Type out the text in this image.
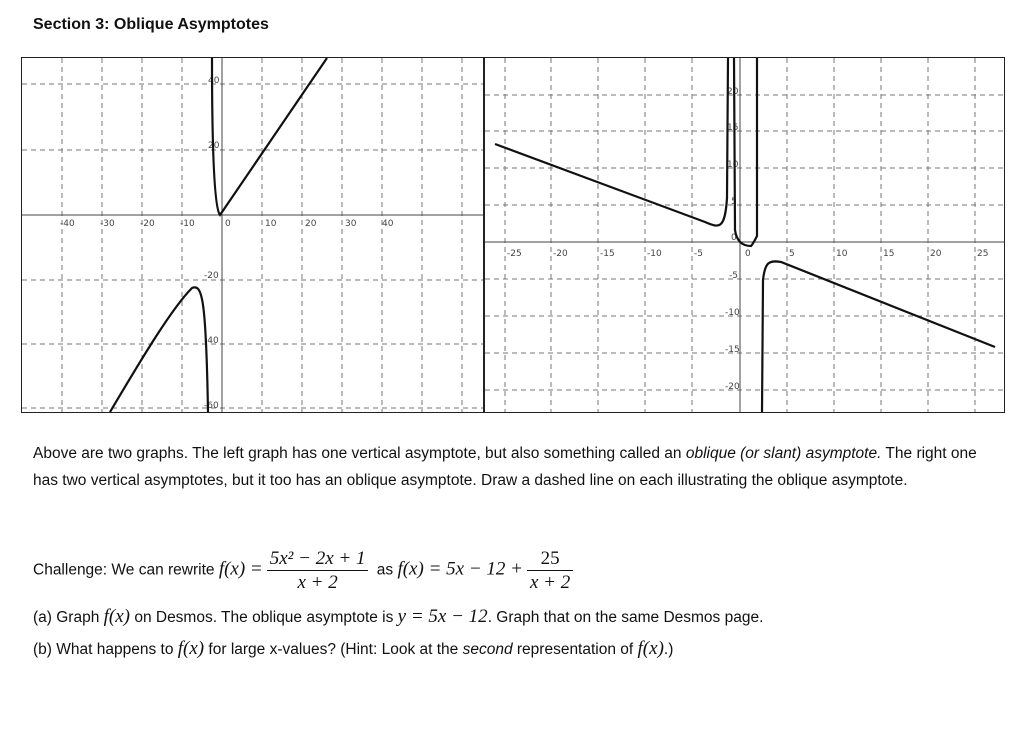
Section 3: Oblique Asymptotes
-40	-30	-20	-10	0	10	20	30	40
40
20
-20
-40
-60
-25	-20	-15	-10	-5	0	5	10	15	20	25
20
15
10
5
0
-5
-10
-15
-20

Above are two graphs. The left graph has one vertical asymptote, but also something called an oblique (or slant) asymptote. The right one has two vertical asymptotes, but it too has an oblique asymptote. Draw a dashed line on each illustrating the oblique asymptote.

Challenge: We can rewrite $f(x) = \frac{\text{5x² − 2x + 1}}{x + 2}$ as $f(x) = 5x - 12 + \frac{25}{x + 2}$
(a) Graph f(x) on Desmos. The oblique asymptote is y = 5x − 12. Graph that on the same Desmos page.
(b) What happens to f(x) for large x-values? (Hint: Look at the second representation of f(x).)
